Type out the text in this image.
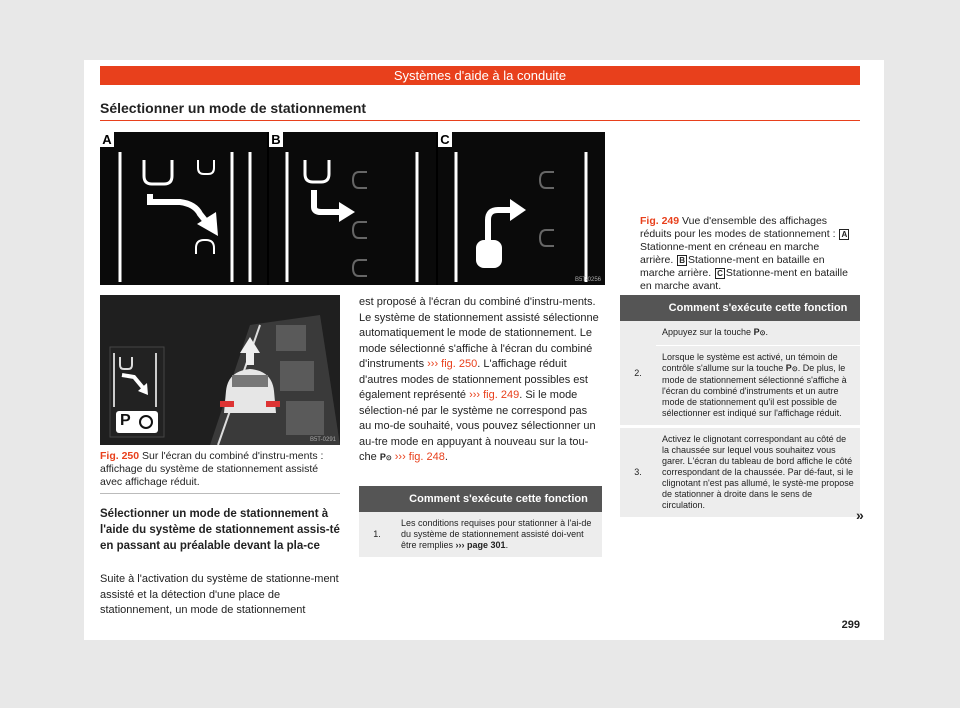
Systèmes d'aide à la conduite
Sélectionner un mode de stationnement
A	B	C
B5T-0256
Fig. 249 Vue d'ensemble des affichages réduits pour les modes de stationnement : AStationne-ment en créneau en marche arrière. B Stationne-ment en bataille en marche arrière. C Stationne-ment en bataille en marche avant.
P
B5T-0291
Fig. 250 Sur l'écran du combiné d'instru-ments : affichage du système de stationnement assisté avec affichage réduit.
Sélectionner un mode de stationnement à l'aide du système de stationnement assis-té en passant au préalable devant la pla-ce
Suite à l'activation du système de stationne-ment assisté et la détection d'une place de stationnement, un mode de stationnement
est proposé à l'écran du combiné d'instru-ments. Le système de stationnement assisté sélectionne automatiquement le mode de stationnement. Le mode sélectionné s'affiche à l'écran du combiné d'instruments ››› fig. 250. L'affichage réduit d'autres modes de stationnement possibles est également représenté ››› fig. 249. Si le mode sélection-né par le système ne correspond pas au mo-de souhaité, vous pouvez sélectionner un au-tre mode en appuyant à nouveau sur la tou-che P⊙ ››› fig. 248.
	Comment s'exécute cette fonction
1.	Les conditions requises pour stationner à l'ai-de du système de stationnement assisté doi-vent être remplies ››› page 301.
	Comment s'exécute cette fonction
2.	Appuyez sur la touche P⊙.
	Lorsque le système est activé, un témoin de contrôle s'allume sur la touche P⊙. De plus, le mode de stationnement sélectionné s'affiche à l'écran du combiné d'instruments et un autre mode de stationnement qu'il est possible de sélectionner est indiqué sur l'affichage réduit.
3.	Activez le clignotant correspondant au côté de la chaussée sur lequel vous souhaitez vous garer. L'écran du tableau de bord affiche le côté correspondant de la chaussée. Par dé-faut, si le clignotant n'est pas allumé, le systè-me propose de stationner à droite dans le sens de circulation.
»
299
